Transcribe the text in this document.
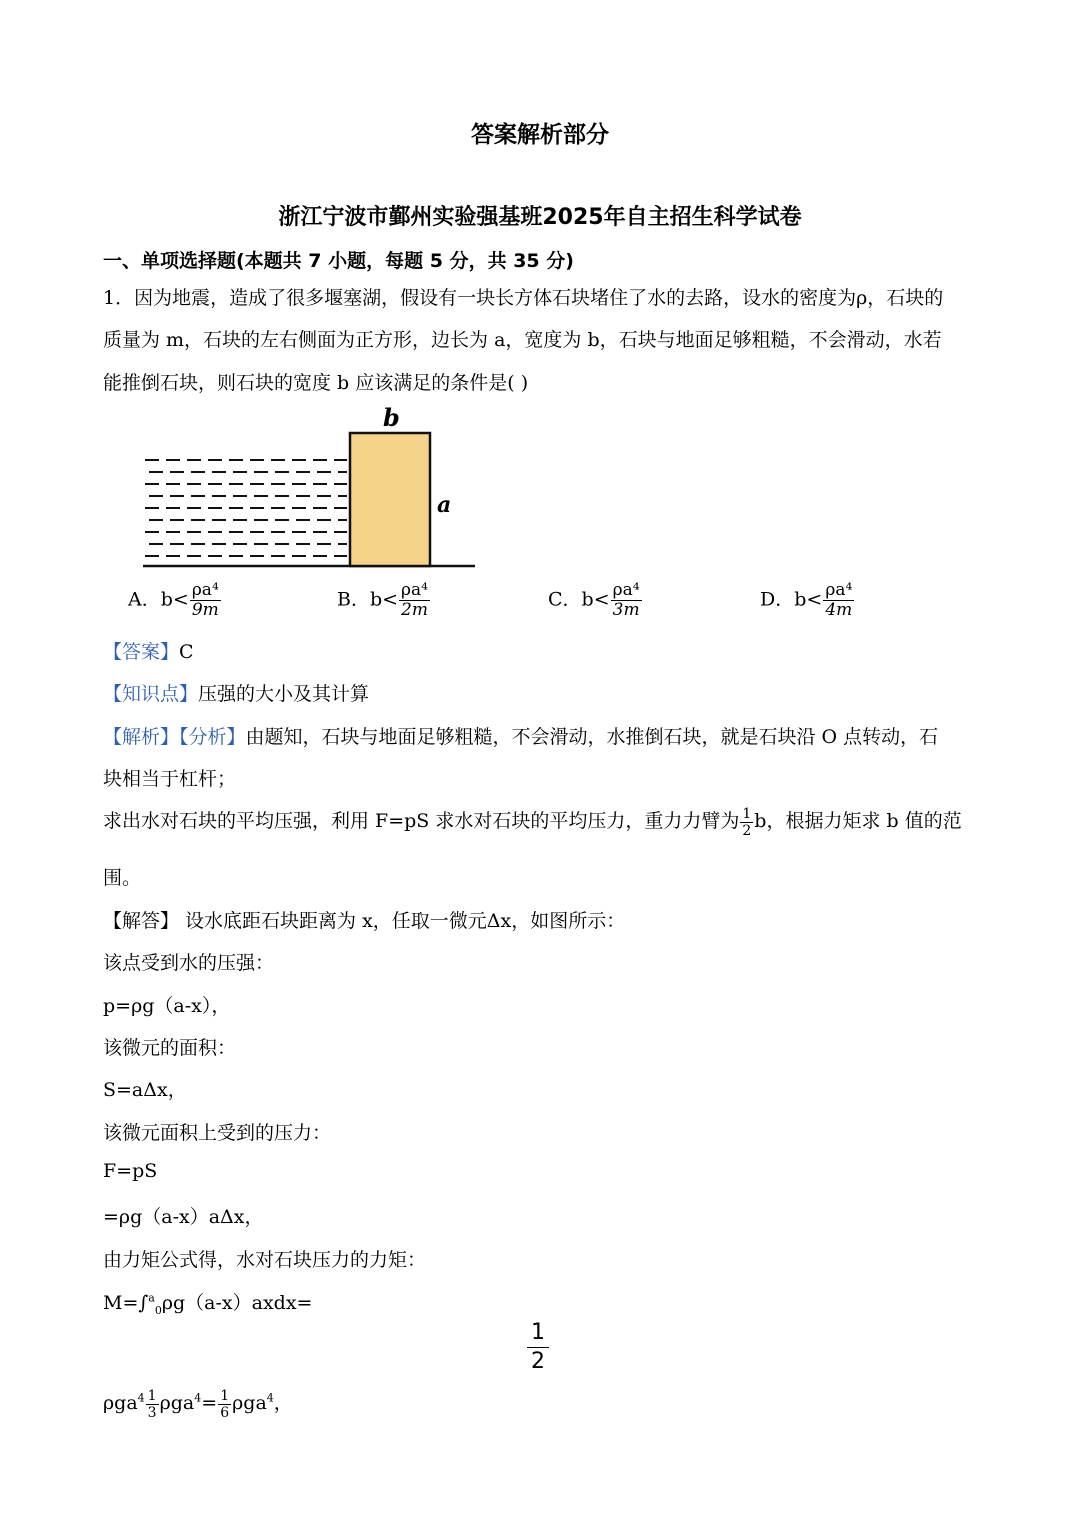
答案解析部分
浙江宁波市鄞州实验强基班2025年自主招生科学试卷
一、单项选择题(本题共 7 小题，每题 5 分，共 35 分)
1．因为地震，造成了很多堰塞湖，假设有一块长方体石块堵住了水的去路，设水的密度为ρ，石块的
质量为 m，石块的左右侧面为正方形，边长为 a，宽度为 b，石块与地面足够粗糙，不会滑动，水若
能推倒石块，则石块的宽度 b 应该满足的条件是( )
b
a
A．$b< \frac{\text{ρa⁴}}{9m}$	B．$b< \frac{\text{ρa⁴}}{2m}$	C．$b< \frac{\text{ρa⁴}}{3m}$	D．$b< \frac{\text{ρa⁴}}{4m}$
【答案】C
【知识点】压强的大小及其计算
【解析】【分析】由题知，石块与地面足够粗糙，不会滑动，水推倒石块，就是石块沿 O 点转动，石
块相当于杠杆；
求出水对石块的平均压强，利用 F=pS 求水对石块的平均压力，重力力臂为 $\frac{1}{2}$ b，根据力矩求 b 值的范
围。
【解答】 设水底距石块距离为 x，任取一微元Δx，如图所示：
该点受到水的压强：
p=ρg（a-x），
该微元的面积：
S=aΔx，
该微元面积上受到的压力：
F=pS
=ρg（a-x）aΔx，
由力矩公式得，水对石块压力的力矩：
M=∫$^a_0$ρg（a-x）axdx=
1
2
$\rho ga^4 \frac{1}{3} \rho ga^4= \frac{1}{6} \rho ga^4$，
